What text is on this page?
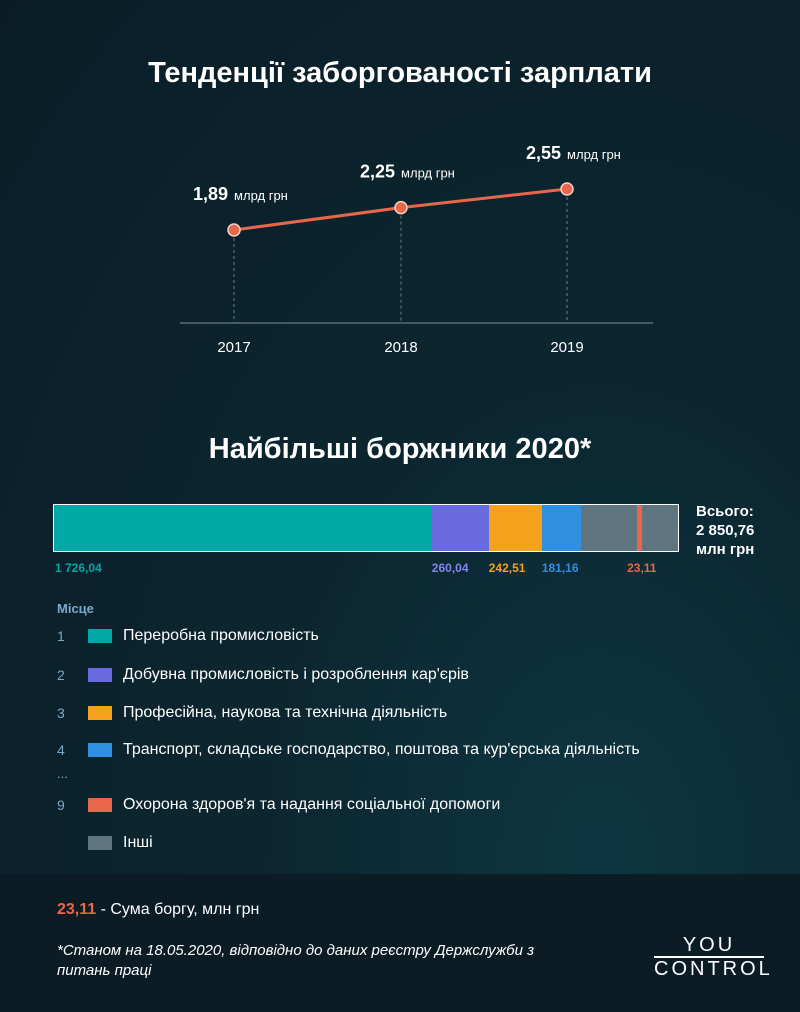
Тенденції заборгованості зарплати
1,89 млрд грн
2017
2,25 млрд грн
2018
2,55 млрд грн
2019
Найбільші боржники 2020*
1 726,04	260,04 242,51 181,16	23,11
Всього:
2 850,76
млн грн
Місце
1	Переробна промисловість
2	Добувна промисловість і розроблення кар'єрів
3	Професійна, наукова та технічна діяльність
4	Транспорт, складське господарство, поштова та кур'єрська діяльність
...
9	Охорона здоров'я та надання соціальної допомоги
Інші
23,11 - Сума боргу, млн грн
*Станом на 18.05.2020, відповідно до даних реєстру Держслужби з питань праці
YOU
CONTROL
